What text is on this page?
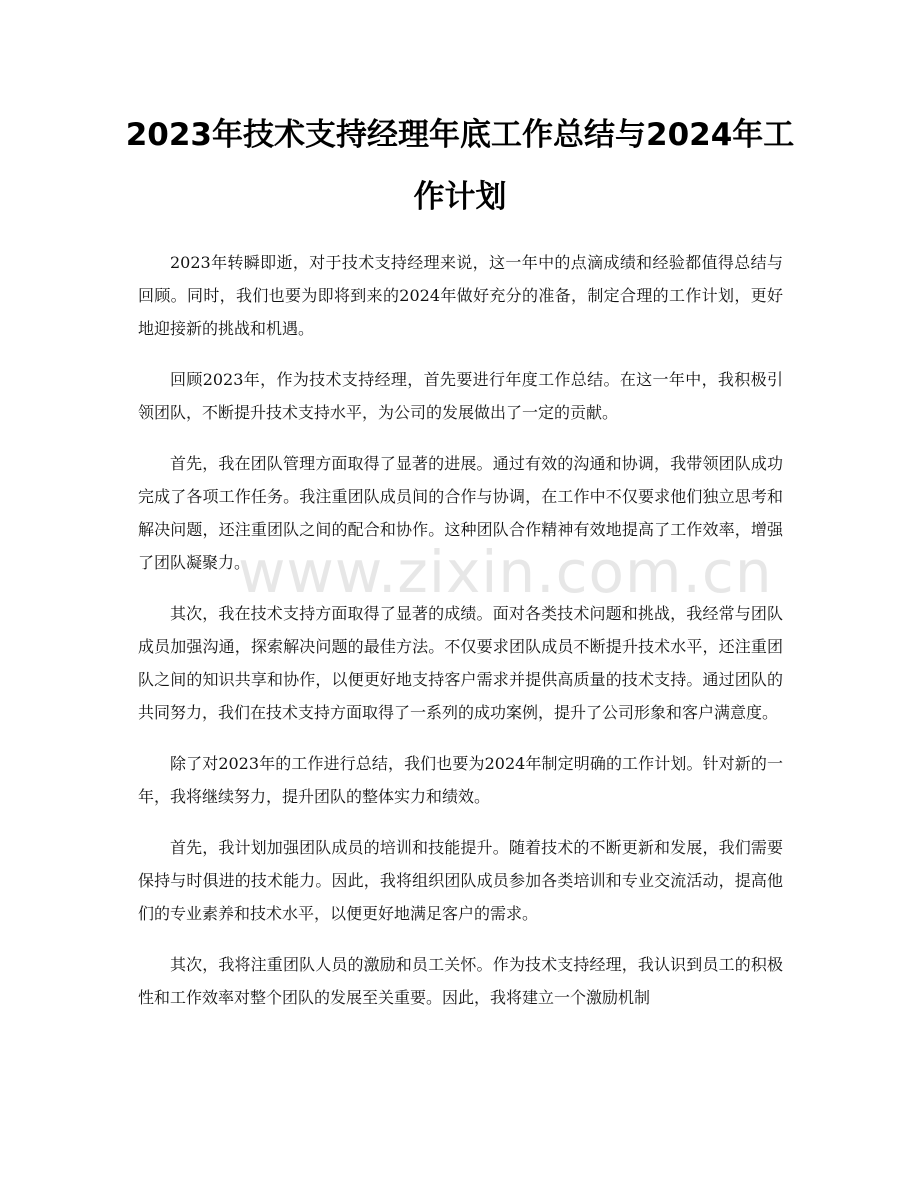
2023年技术支持经理年底工作总结与2024年工作计划

2023年转瞬即逝，对于技术支持经理来说，这一年中的点滴成绩和经验都值得总结与回顾。同时，我们也要为即将到来的2024年做好充分的准备，制定合理的工作计划，更好地迎接新的挑战和机遇。

回顾2023年，作为技术支持经理，首先要进行年度工作总结。在这一年中，我积极引领团队，不断提升技术支持水平，为公司的发展做出了一定的贡献。

首先，我在团队管理方面取得了显著的进展。通过有效的沟通和协调，我带领团队成功完成了各项工作任务。我注重团队成员间的合作与协调，在工作中不仅要求他们独立思考和解决问题，还注重团队之间的配合和协作。这种团队合作精神有效地提高了工作效率，增强了团队凝聚力。

其次，我在技术支持方面取得了显著的成绩。面对各类技术问题和挑战，我经常与团队成员加强沟通，探索解决问题的最佳方法。不仅要求团队成员不断提升技术水平，还注重团队之间的知识共享和协作，以便更好地支持客户需求并提供高质量的技术支持。通过团队的共同努力，我们在技术支持方面取得了一系列的成功案例，提升了公司形象和客户满意度。

除了对2023年的工作进行总结，我们也要为2024年制定明确的工作计划。针对新的一年，我将继续努力，提升团队的整体实力和绩效。

首先，我计划加强团队成员的培训和技能提升。随着技术的不断更新和发展，我们需要保持与时俱进的技术能力。因此，我将组织团队成员参加各类培训和专业交流活动，提高他们的专业素养和技术水平，以便更好地满足客户的需求。

其次，我将注重团队人员的激励和员工关怀。作为技术支持经理，我认识到员工的积极性和工作效率对整个团队的发展至关重要。因此，我将建立一个激励机制

www.zixin.com.cn
